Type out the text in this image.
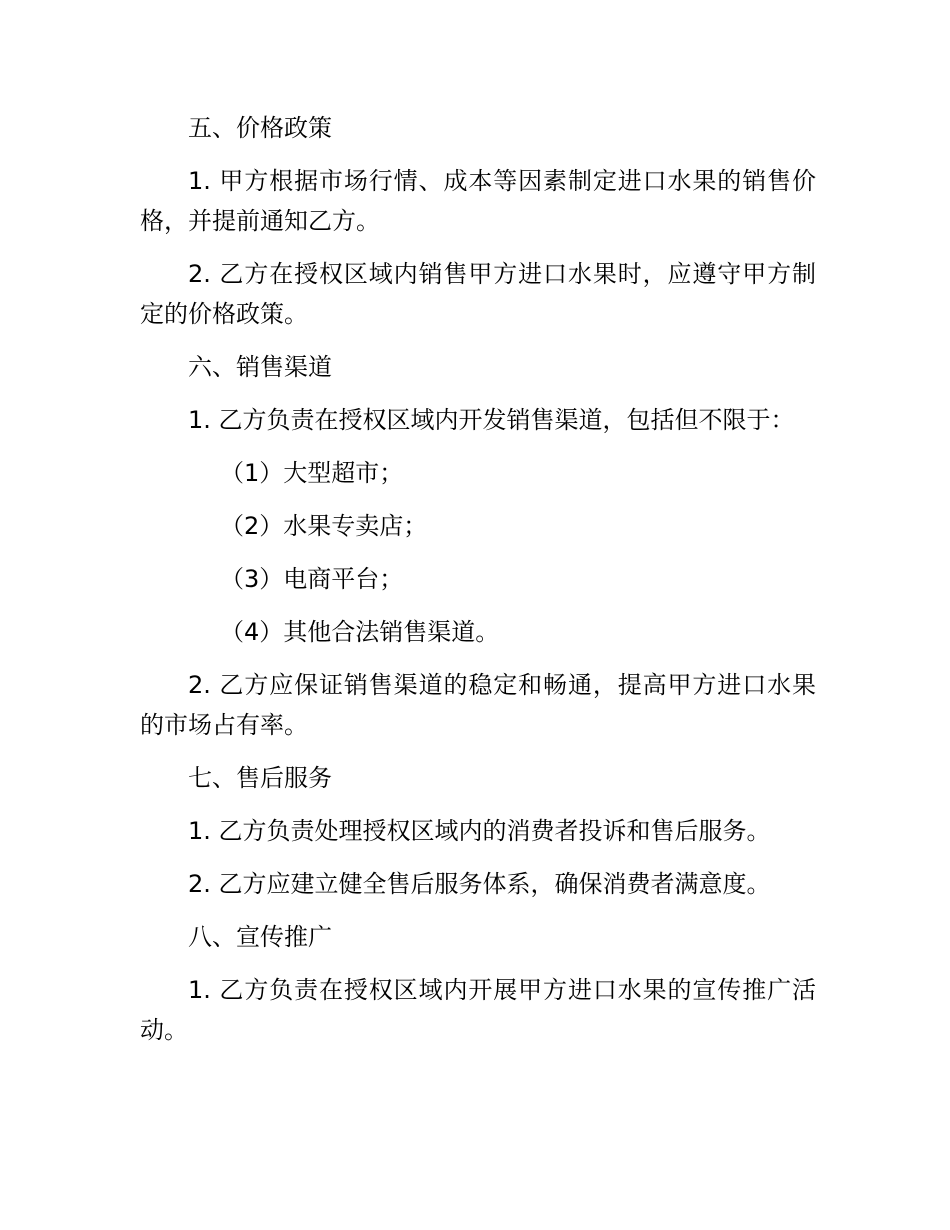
五、价格政策

1. 甲方根据市场行情、成本等因素制定进口水果的销售价格，并提前通知乙方。

2. 乙方在授权区域内销售甲方进口水果时，应遵守甲方制定的价格政策。

六、销售渠道

1. 乙方负责在授权区域内开发销售渠道，包括但不限于：

（1）大型超市；

（2）水果专卖店；

（3）电商平台；

（4）其他合法销售渠道。

2. 乙方应保证销售渠道的稳定和畅通，提高甲方进口水果的市场占有率。

七、售后服务

1. 乙方负责处理授权区域内的消费者投诉和售后服务。

2. 乙方应建立健全售后服务体系，确保消费者满意度。

八、宣传推广

1. 乙方负责在授权区域内开展甲方进口水果的宣传推广活动。
